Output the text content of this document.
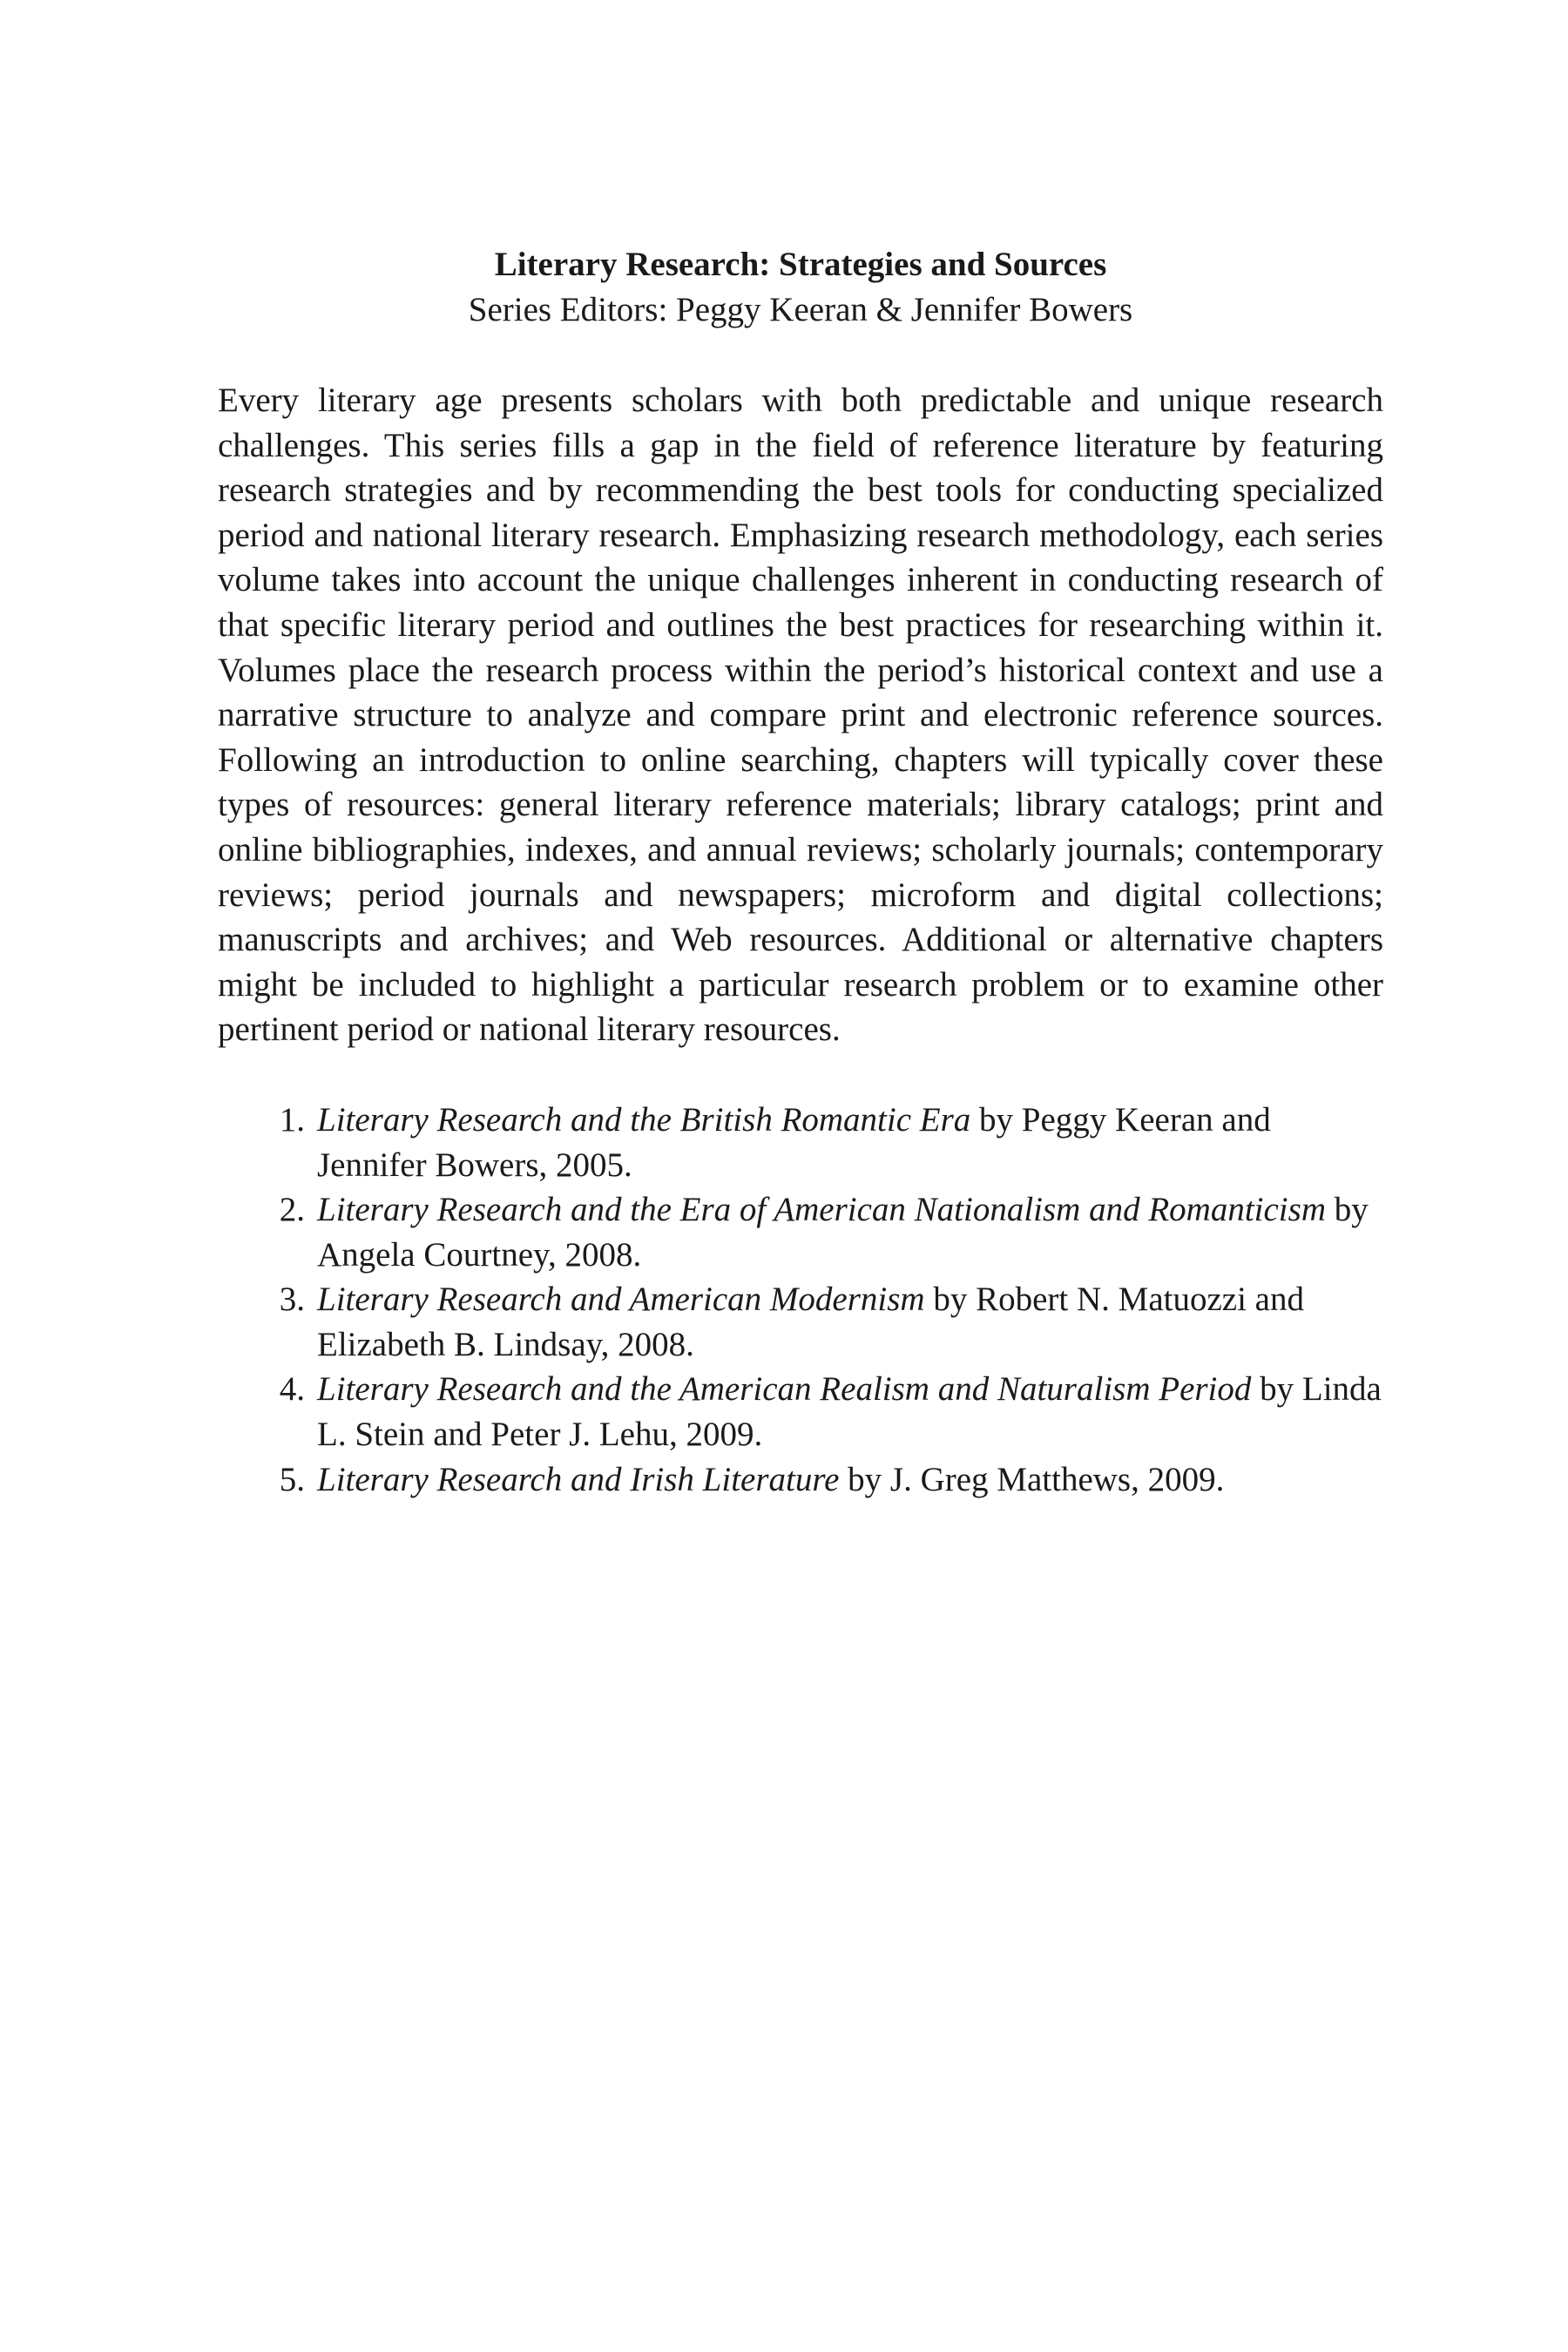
Literary Research: Strategies and Sources

Series Editors: Peggy Keeran & Jennifer Bowers

Every literary age presents scholars with both predictable and unique research challenges. This series fills a gap in the field of reference literature by featuring research strategies and by recommending the best tools for conducting specialized period and national literary research. Emphasizing research methodology, each series volume takes into account the unique challenges inherent in conducting research of that specific literary period and outlines the best practices for researching within it. Volumes place the research process within the period’s historical context and use a narrative structure to analyze and compare print and electronic reference sources. Following an introduction to online searching, chapters will typically cover these types of resources: general literary reference materials; library catalogs; print and online bibliographies, indexes, and annual reviews; scholarly journals; contemporary reviews; period journals and newspapers; microform and digital collections; manuscripts and archives; and Web resources. Additional or alternative chapters might be included to highlight a particular research problem or to examine other pertinent period or national literary resources.

1. Literary Research and the British Romantic Era by Peggy Keeran and Jennifer Bowers, 2005.
2. Literary Research and the Era of American Nationalism and Romanticism by Angela Courtney, 2008.
3. Literary Research and American Modernism by Robert N. Matuozzi and Elizabeth B. Lindsay, 2008.
4. Literary Research and the American Realism and Naturalism Period by Linda L. Stein and Peter J. Lehu, 2009.
5. Literary Research and Irish Literature by J. Greg Matthews, 2009.
